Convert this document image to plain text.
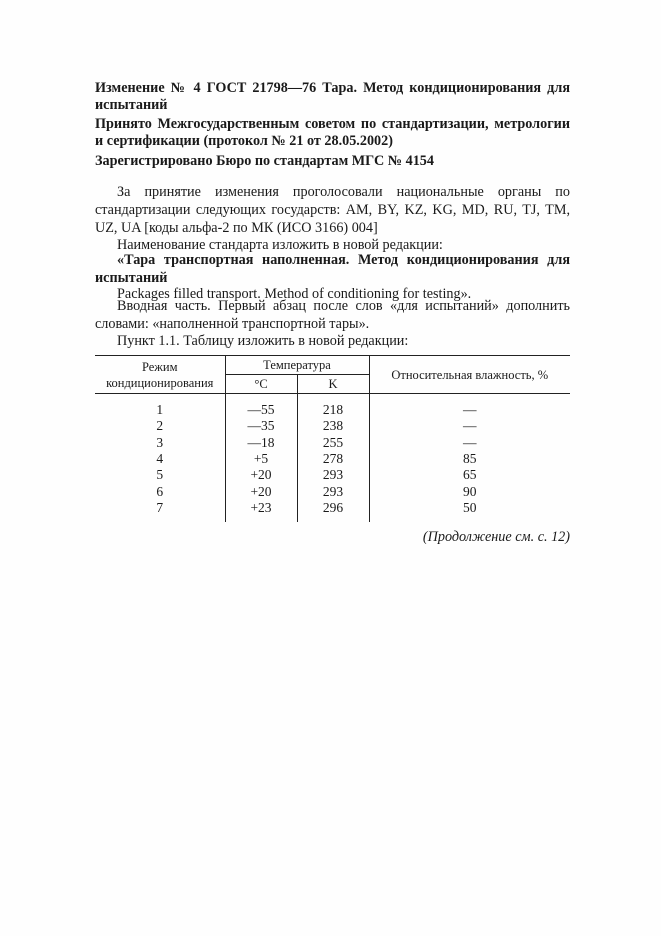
Изменение № 4 ГОСТ 21798—76 Тара. Метод кондиционирования для испытаний

Принято Межгосударственным советом по стандартизации, метрологии и сертификации (протокол № 21 от 28.05.2002)

Зарегистрировано Бюро по стандартам МГС № 4154

За принятие изменения проголосовали национальные органы по стандартизации следующих государств: AM, BY, KZ, KG, MD, RU, TJ, TM, UZ, UA [коды альфа-2 по МК (ИСО 3166) 004]

Наименование стандарта изложить в новой редакции:

«Тара транспортная наполненная. Метод кондиционирования для испытаний

Packages filled transport. Method of conditioning for testing».

Вводная часть. Первый абзац после слов «для испытаний» дополнить словами: «наполненной транспортной тары».

Пункт 1.1. Таблицу изложить в новой редакции:

Режим кондиционирования	Температура		Относительная влажность, %
	°C	K	
1	—55	218	—
2	—35	238	—
3	—18	255	—
4	+5	278	85
5	+20	293	65
6	+20	293	90
7	+23	296	50

(Продолжение см. с. 12)
